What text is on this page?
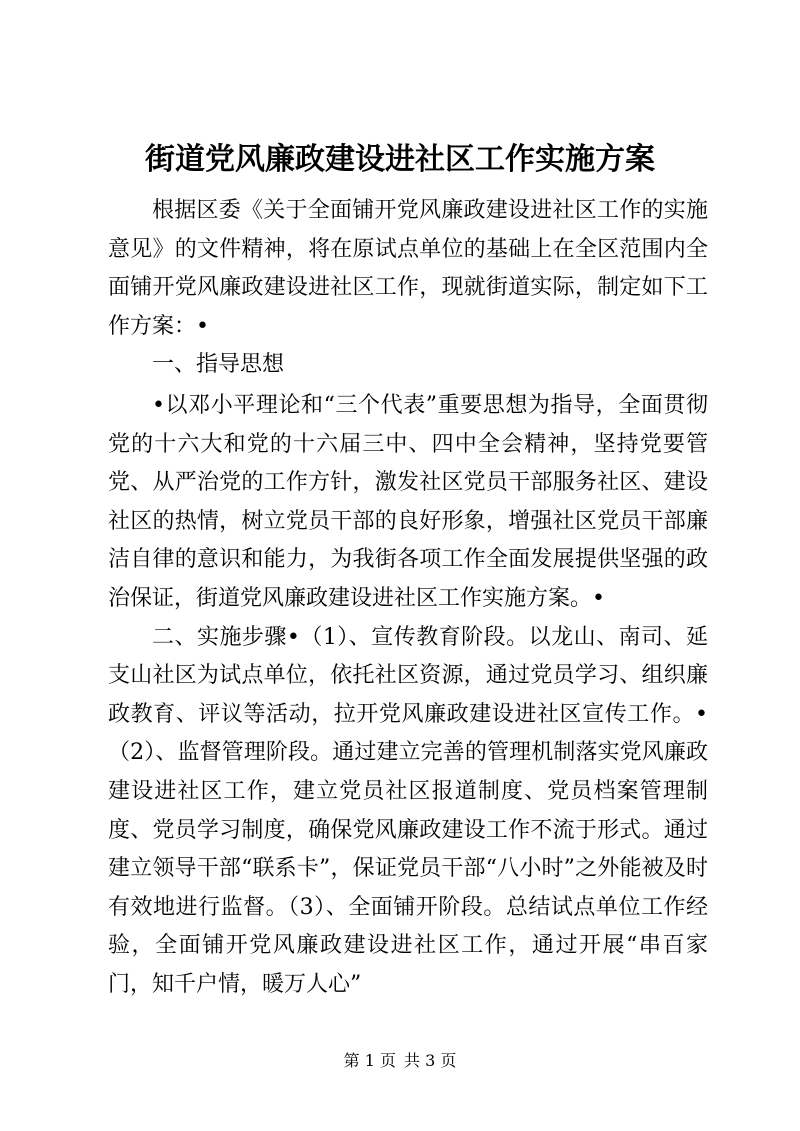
街道党风廉政建设进社区工作实施方案

根据区委《关于全面铺开党风廉政建设进社区工作的实施意见》的文件精神，将在原试点单位的基础上在全区范围内全面铺开党风廉政建设进社区工作，现就街道实际，制定如下工作方案：•

一、指导思想

•以邓小平理论和“三个代表”重要思想为指导，全面贯彻党的十六大和党的十六届三中、四中全会精神，坚持党要管党、从严治党的工作方针，激发社区党员干部服务社区、建设社区的热情，树立党员干部的良好形象，增强社区党员干部廉洁自律的意识和能力，为我街各项工作全面发展提供坚强的政治保证，街道党风廉政建设进社区工作实施方案。•

二、实施步骤•（1）、宣传教育阶段。以龙山、南司、延支山社区为试点单位，依托社区资源，通过党员学习、组织廉政教育、评议等活动，拉开党风廉政建设进社区宣传工作。•（2）、监督管理阶段。通过建立完善的管理机制落实党风廉政建设进社区工作，建立党员社区报道制度、党员档案管理制度、党员学习制度，确保党风廉政建设工作不流于形式。通过建立领导干部“联系卡”，保证党员干部“八小时”之外能被及时有效地进行监督。（3）、全面铺开阶段。总结试点单位工作经验，全面铺开党风廉政建设进社区工作，通过开展“串百家门，知千户情，暖万人心”

第 1 页 共 3 页
